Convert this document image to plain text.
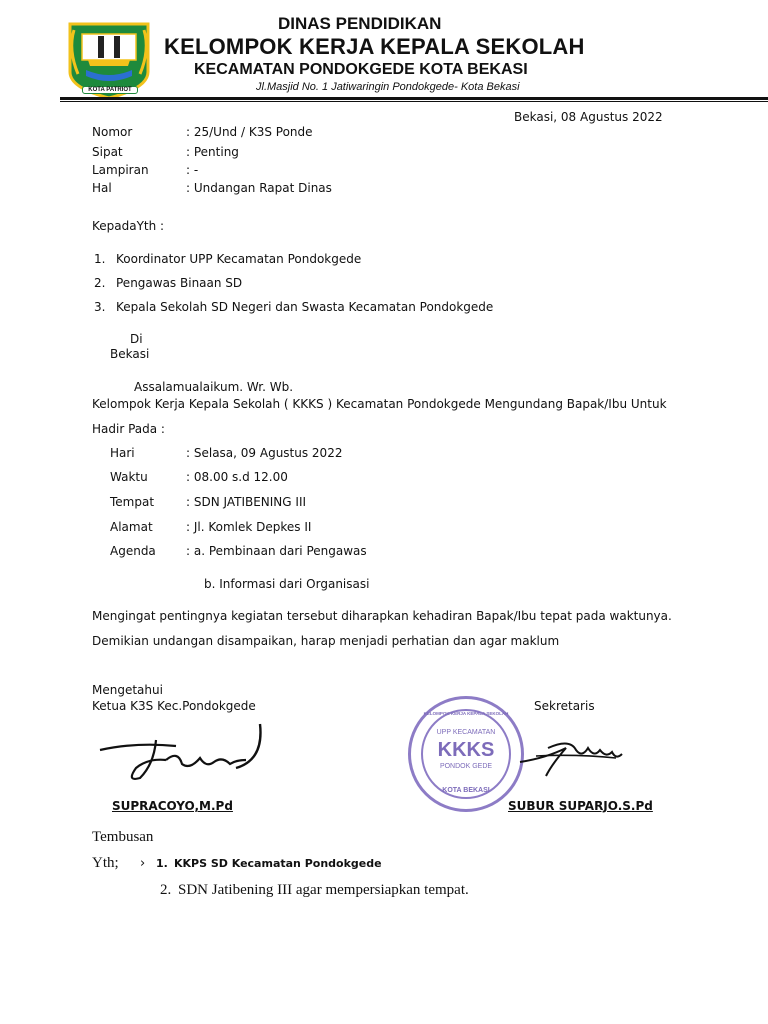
KOTA PATRIOT
DINAS PENDIDIKAN
KELOMPOK KERJA KEPALA SEKOLAH
KECAMATAN PONDOKGEDE KOTA BEKASI
Jl.Masjid No. 1 Jatiwaringin Pondokgede- Kota Bekasi
Bekasi, 08 Agustus 2022
Nomor	: 25/Und / K3S Ponde
Sipat	: Penting
Lampiran	: -
Hal	: Undangan Rapat Dinas
KepadaYth :
1. Koordinator UPP Kecamatan Pondokgede
2. Pengawas Binaan SD
3. Kepala Sekolah SD Negeri dan Swasta Kecamatan Pondokgede
Di
Bekasi
Assalamualaikum. Wr. Wb.
Kelompok Kerja Kepala Sekolah ( KKKS ) Kecamatan Pondokgede Mengundang Bapak/Ibu Untuk
Hadir Pada :
Hari	: Selasa, 09 Agustus 2022
Waktu	: 08.00 s.d 12.00
Tempat	: SDN JATIBENING III
Alamat	: Jl. Komlek Depkes II
Agenda	: a. Pembinaan dari Pengawas
b. Informasi dari Organisasi
Mengingat pentingnya kegiatan tersebut diharapkan kehadiran Bapak/Ibu tepat pada waktunya.
Demikian undangan disampaikan, harap menjadi perhatian dan agar maklum
Mengetahui
Ketua K3S Kec.Pondokgede	Sekretaris
KELOMPOK KERJA KEPALA SEKOLAH
UPP KECAMATAN
KKKS
PONDOK GEDE
KOTA BEKASI
SUPRACOYO,M.Pd	SUBUR SUPARJO.S.Pd
Tembusan
Yth; › 1. KKPS SD Kecamatan Pondokgede
2. SDN Jatibening III agar mempersiapkan tempat.
